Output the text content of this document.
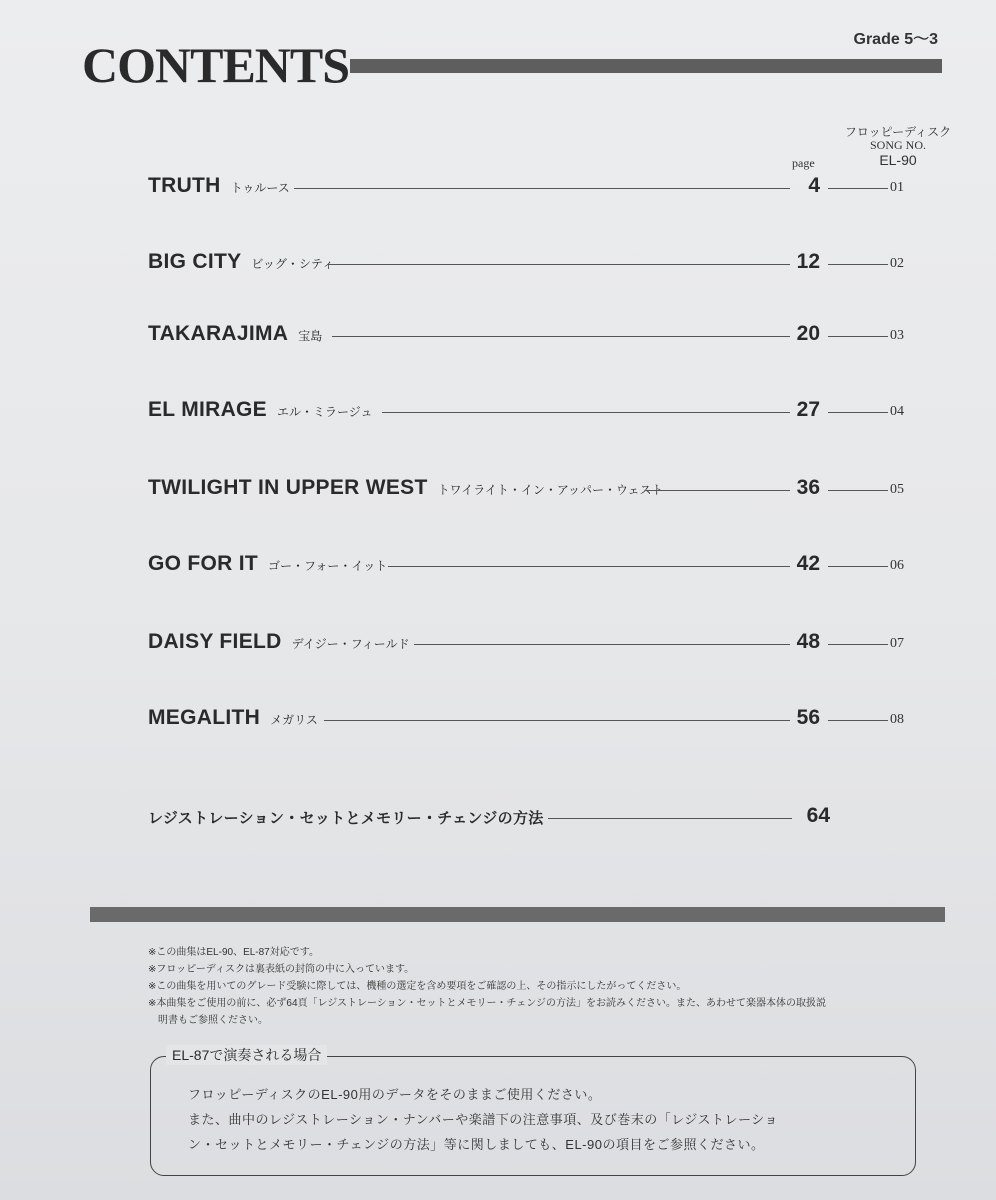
CONTENTS	Grade 5～3
フロッピーディスク
SONG NO.
EL-90
page
TRUTH トゥルース	4	01
BIG CITY ビッグ・シティ	12	02
TAKARAJIMA 宝島	20	03
EL MIRAGE エル・ミラージュ	27	04
TWILIGHT IN UPPER WEST トワイライト・イン・アッパー・ウェスト	36	05
GO FOR IT ゴー・フォー・イット	42	06
DAISY FIELD デイジー・フィールド	48	07
MEGALITH メガリス	56	08
レジストレーション・セットとメモリー・チェンジの方法	64
※この曲集はEL-90、EL-87対応です。
※フロッピーディスクは裏表紙の封筒の中に入っています。
※この曲集を用いてのグレード受験に際しては、機種の選定を含め要項をご確認の上、その指示にしたがってください。
※本曲集をご使用の前に、必ず64頁「レジストレーション・セットとメモリー・チェンジの方法」をお読みください。また、あわせて楽器本体の取扱説
明書もご参照ください。
EL-87で演奏される場合
フロッピーディスクのEL-90用のデータをそのままご使用ください。
また、曲中のレジストレーション・ナンバーや楽譜下の注意事項、及び巻末の「レジストレーショ
ン・セットとメモリー・チェンジの方法」等に関しましても、EL-90の項目をご参照ください。
